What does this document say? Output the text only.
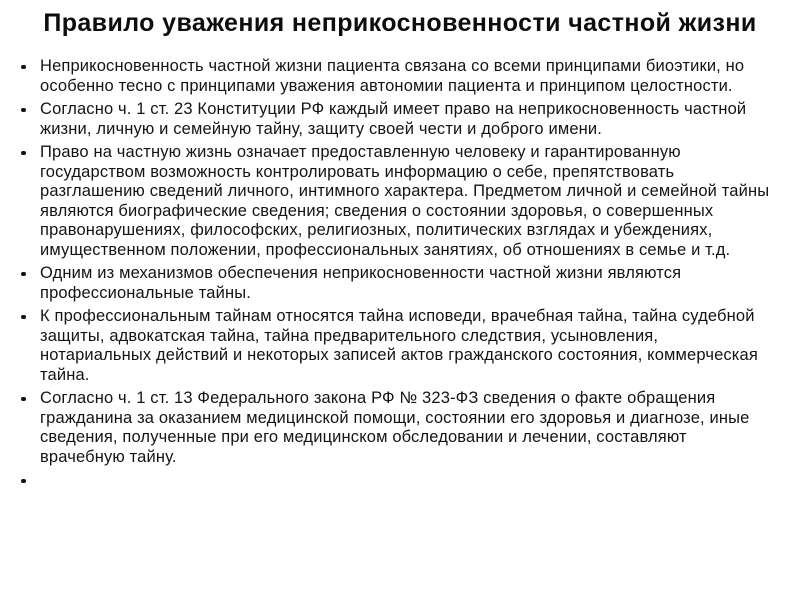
Правило уважения неприкосновенности частной жизни
Неприкосновенность частной жизни пациента связана со всеми принципами биоэтики, но особенно тесно с принципами уважения автономии пациента и принципом целостности.
Согласно ч. 1 ст. 23 Конституции РФ каждый имеет право на неприкосновенность частной жизни, личную и семейную тайну, защиту своей чести и доброго имени.
Право на частную жизнь означает предоставленную человеку и гарантированную государством возможность контролировать информацию о себе, препятствовать разглашению сведений личного, интимного характера. Предметом личной и семейной тайны являются биографические сведения; сведения о состоянии здоровья, о совершенных правонарушениях, философских, религиозных, политических взглядах и убеждениях, имущественном положении, профессиональных занятиях, об отношениях в семье и т.д.
Одним из механизмов обеспечения неприкосновенности частной жизни являются профессиональные тайны.
К профессиональным тайнам относятся тайна исповеди, врачебная тайна, тайна судебной защиты, адвокатская тайна, тайна предварительного следствия, усыновления, нотариальных действий и некоторых записей актов гражданского состояния, коммерческая тайна.
Согласно ч. 1 ст. 13 Федерального закона РФ № 323-ФЗ сведения о факте обращения гражданина за оказанием медицинской помощи, состоянии его здоровья и диагнозе, иные сведения, полученные при его медицинском обследовании и лечении, составляют врачебную тайну.
